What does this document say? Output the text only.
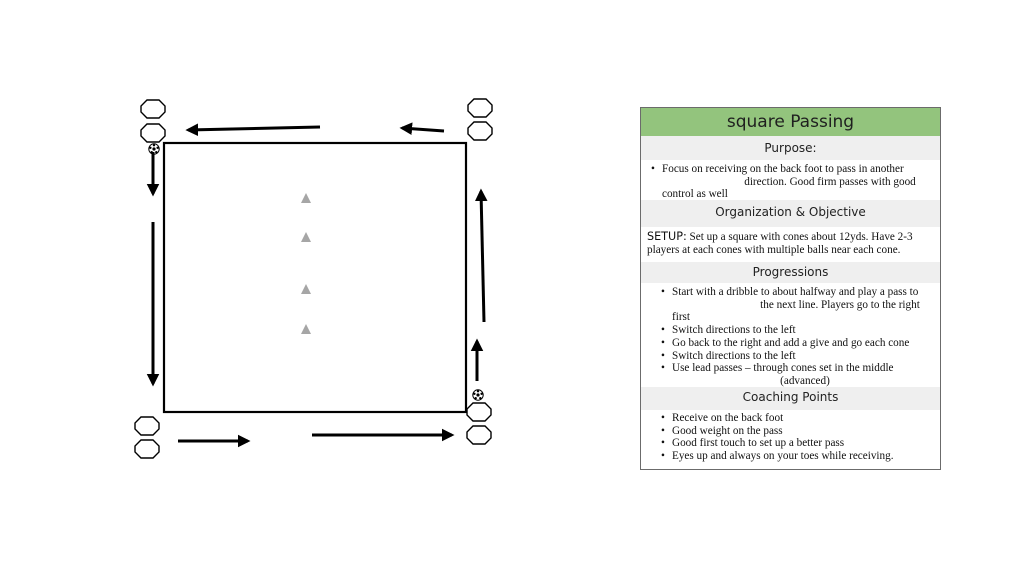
square Passing
Purpose:
• Focus on receiving on the back foot to pass in another

direction. Good firm passes with good
control as well
Organization & Objective
SETUP: Set up a square with cones about 12yds. Have 2-3
players at each cones with multiple balls near each cone.
Progressions
• Start with a dribble to about halfway and play a pass to

the next line. Players go to the right
first
• Switch directions to the left
• Go back to the right and add a give and go each cone
• Switch directions to the left
• Use lead passes – through cones set in the middle

(advanced)
Coaching Points
• Receive on the back foot
• Good weight on the pass
• Good first touch to set up a better pass
• Eyes up and always on your toes while receiving.
